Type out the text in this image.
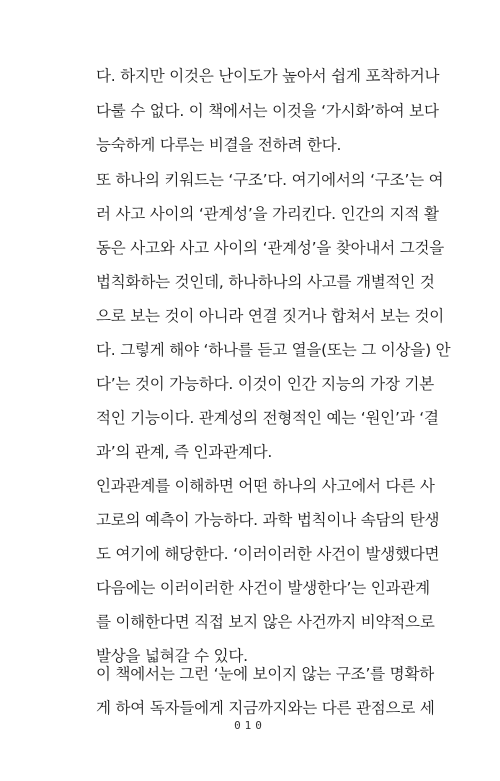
다. 하지만 이것은 난이도가 높아서 쉽게 포착하거나
다룰 수 없다. 이 책에서는 이것을 ‘가시화’하여 보다
능숙하게 다루는 비결을 전하려 한다.
또 하나의 키워드는 ‘구조’다. 여기에서의 ‘구조’는 여
러 사고 사이의 ‘관계성’을 가리킨다. 인간의 지적 활
동은 사고와 사고 사이의 ‘관계성’을 찾아내서 그것을
법칙화하는 것인데, 하나하나의 사고를 개별적인 것
으로 보는 것이 아니라 연결 짓거나 합쳐서 보는 것이
다. 그렇게 해야 ‘하나를 듣고 열을(또는 그 이상을) 안
다’는 것이 가능하다. 이것이 인간 지능의 가장 기본
적인 기능이다. 관계성의 전형적인 예는 ‘원인’과 ‘결
과’의 관계, 즉 인과관계다.
인과관계를 이해하면 어떤 하나의 사고에서 다른 사
고로의 예측이 가능하다. 과학 법칙이나 속담의 탄생
도 여기에 해당한다. ‘이러이러한 사건이 발생했다면
다음에는 이러이러한 사건이 발생한다’는 인과관계
를 이해한다면 직접 보지 않은 사건까지 비약적으로
발상을 넓혀갈 수 있다.
이 책에서는 그런 ‘눈에 보이지 않는 구조’를 명확하
게 하여 독자들에게 지금까지와는 다른 관점으로 세
010
